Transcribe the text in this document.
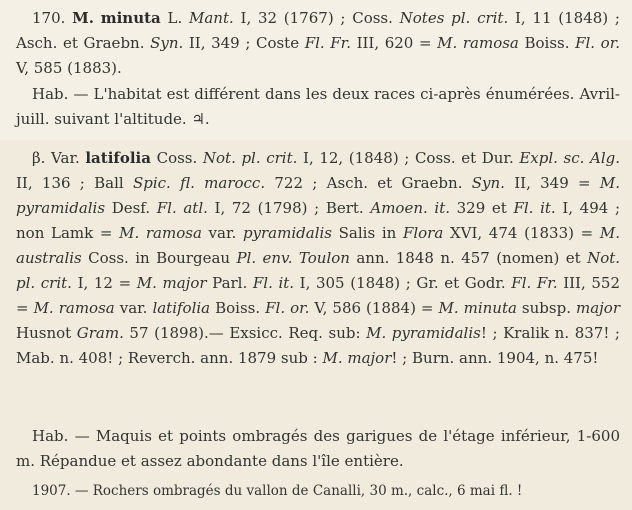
170. M. minuta L. Mant. I, 32 (1767) ; Coss. Notes pl. crit. I, 11 (1848) ; Asch. et Graebn. Syn. II, 349 ; Coste Fl. Fr. III, 620 = M. ramosa Boiss. Fl. or. V, 585 (1883).

Hab. — L'habitat est différent dans les deux races ci-après énumérées. Avril-juill. suivant l'altitude. ♃.

β. Var. latifolia Coss. Not. pl. crit. I, 12, (1848) ; Coss. et Dur. Expl. sc. Alg. II, 136 ; Ball Spic. fl. marocc. 722 ; Asch. et Graebn. Syn. II, 349 = M. pyramidalis Desf. Fl. atl. I, 72 (1798) ; Bert. Amoen. it. 329 et Fl. it. I, 494 ; non Lamk = M. ramosa var. pyramidalis Salis in Flora XVI, 474 (1833) = M. australis Coss. in Bourgeau Pl. env. Toulon ann. 1848 n. 457 (nomen) et Not. pl. crit. I, 12 = M. major Parl. Fl. it. I, 305 (1848) ; Gr. et Godr. Fl. Fr. III, 552 = M. ramosa var. latifolia Boiss. Fl. or. V, 586 (1884) = M. minuta subsp. major Husnot Gram. 57 (1898).— Exsicc. Req. sub: M. pyramidalis! ; Kralik n. 837! ; Mab. n. 408! ; Reverch. ann. 1879 sub : M. major! ; Burn. ann. 1904, n. 475!

Hab. — Maquis et points ombragés des garigues de l'étage inférieur, 1-600 m. Répandue et assez abondante dans l'île entière.

1907. — Rochers ombragés du vallon de Canalli, 30 m., calc., 6 mai fl. !
